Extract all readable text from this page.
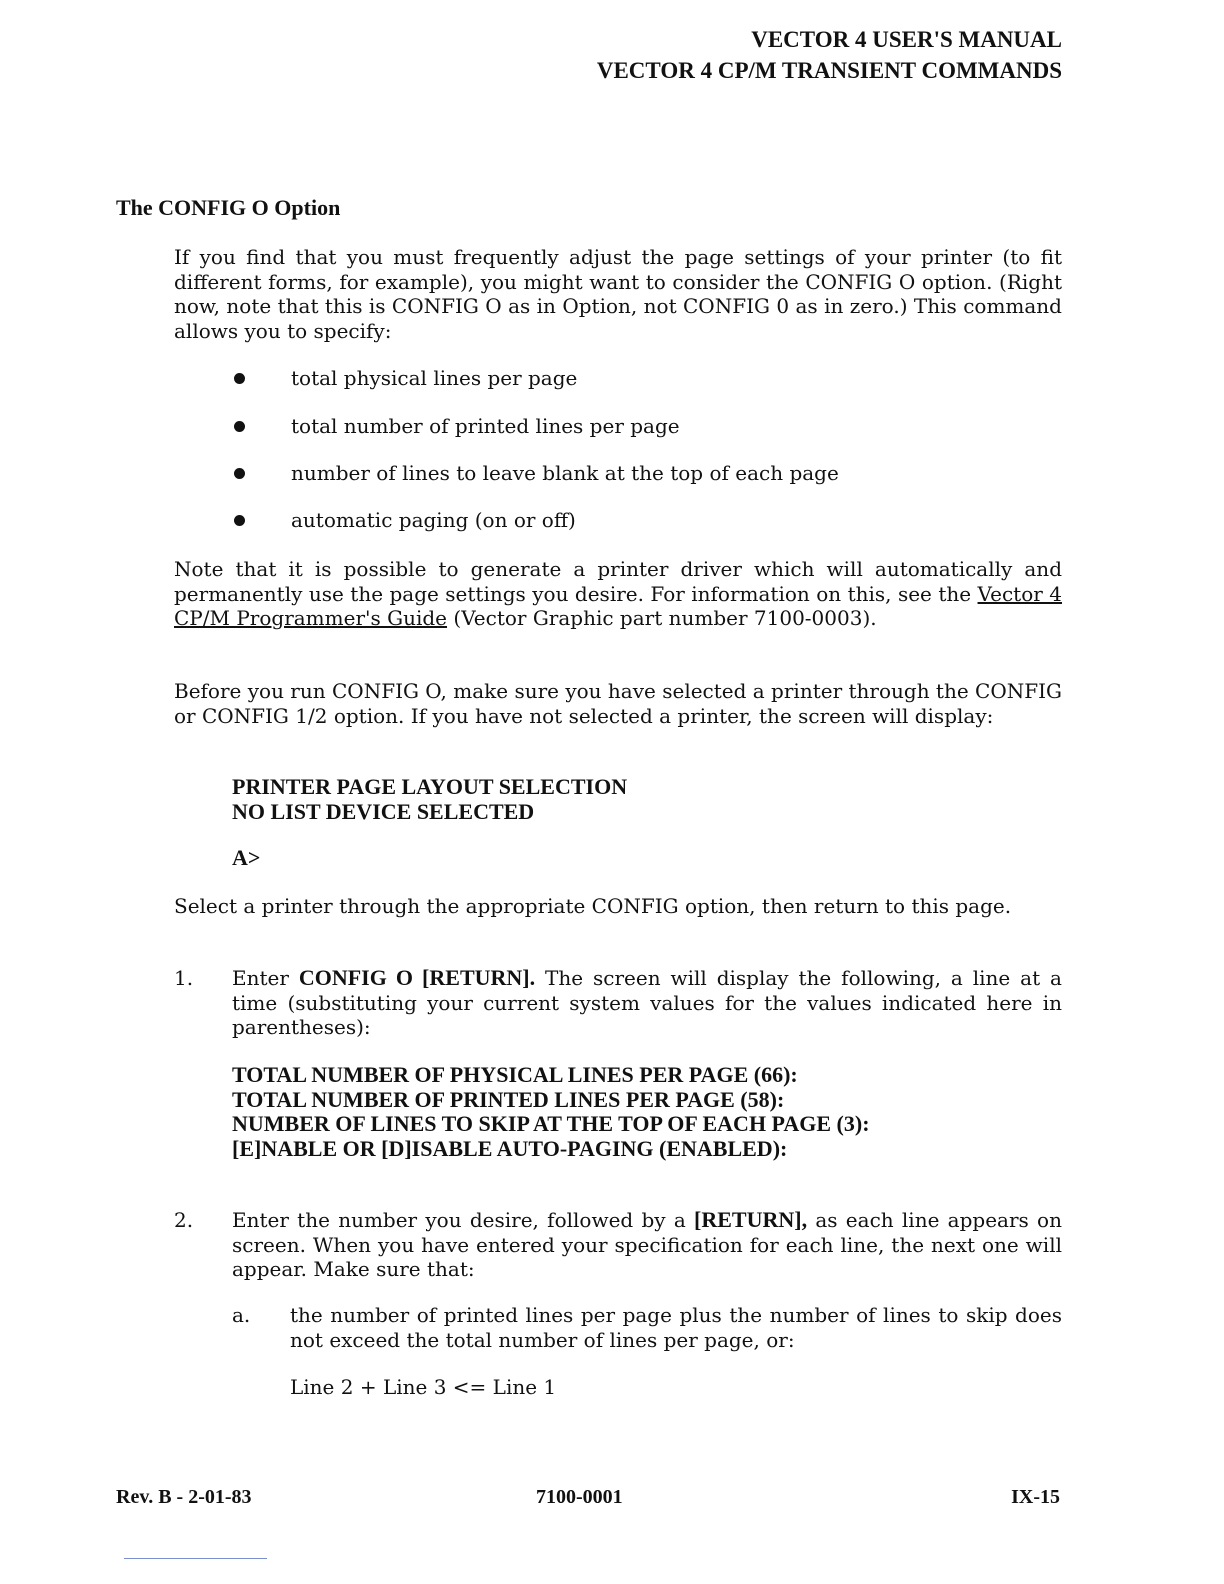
VECTOR 4 USER'S MANUAL
VECTOR 4 CP/M TRANSIENT COMMANDS
The CONFIG O Option

If you find that you must frequently adjust the page settings of your printer (to fit different forms, for example), you might want to consider the CONFIG O option. (Right now, note that this is CONFIG O as in Option, not CONFIG 0 as in zero.) This command allows you to specify:

total physical lines per page
total number of printed lines per page
number of lines to leave blank at the top of each page
automatic paging (on or off)

Note that it is possible to generate a printer driver which will automatically and permanently use the page settings you desire. For information on this, see the Vector 4 CP/M Programmer's Guide (Vector Graphic part number 7100-0003).

Before you run CONFIG O, make sure you have selected a printer through the CONFIG or CONFIG 1/2 option. If you have not selected a printer, the screen will display:

PRINTER PAGE LAYOUT SELECTION
NO LIST DEVICE SELECTED
A>

Select a printer through the appropriate CONFIG option, then return to this page.

1. Enter CONFIG O [RETURN]. The screen will display the following, a line at a time (substituting your current system values for the values indicated here in parentheses):

TOTAL NUMBER OF PHYSICAL LINES PER PAGE (66):
TOTAL NUMBER OF PRINTED LINES PER PAGE (58):
NUMBER OF LINES TO SKIP AT THE TOP OF EACH PAGE (3):
[E]NABLE OR [D]ISABLE AUTO-PAGING (ENABLED):
2. Enter the number you desire, followed by a [RETURN], as each line appears on screen. When you have entered your specification for each line, the next one will appear. Make sure that:

a. the number of printed lines per page plus the number of lines to skip does not exceed the total number of lines per page, or:

Line 2 + Line 3 <= Line 1
Rev. B - 2-01-83	7100-0001	IX-15
